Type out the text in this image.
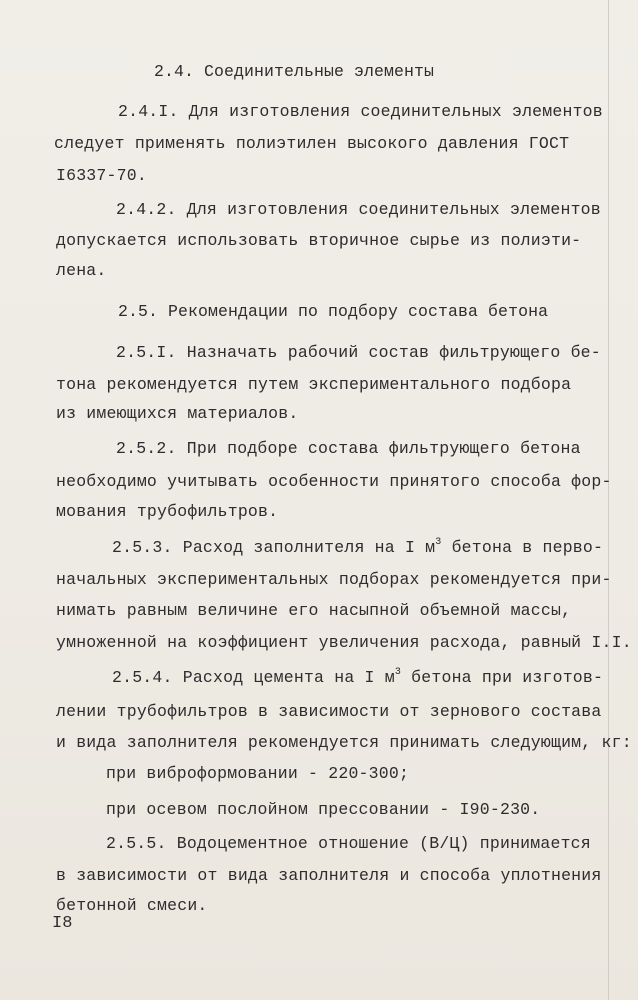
2.4. Соединительные элементы
2.4.I. Для изготовления соединительных элементов
следует применять полиэтилен высокого давления ГОСТ
I6337-70.
2.4.2. Для изготовления соединительных элементов
допускается использовать вторичное сырье из полиэти-
лена.
2.5. Рекомендации по подбору состава бетона
2.5.I. Назначать рабочий состав фильтрующего бе-
тона рекомендуется путем экспериментального подбора
из имеющихся материалов.
2.5.2. При подборе состава фильтрующего бетона
необходимо учитывать особенности принятого способа фор-
мования трубофильтров.
2.5.3. Расход заполнителя на I $м^3$ бетона в перво-
начальных экспериментальных подборах рекомендуется при-
нимать равным величине его насыпной объемной массы,
умноженной на коэффициент увеличения расхода, равный I.I.
2.5.4. Расход цемента на I $м^3$ бетона при изготов-
лении трубофильтров в зависимости от зернового состава
и вида заполнителя рекомендуется принимать следующим, кг:
при виброформовании - 220-300;
при осевом послойном прессовании - I90-230.
2.5.5. Водоцементное отношение (В/Ц) принимается
в зависимости от вида заполнителя и способа уплотнения
бетонной смеси.
I8
